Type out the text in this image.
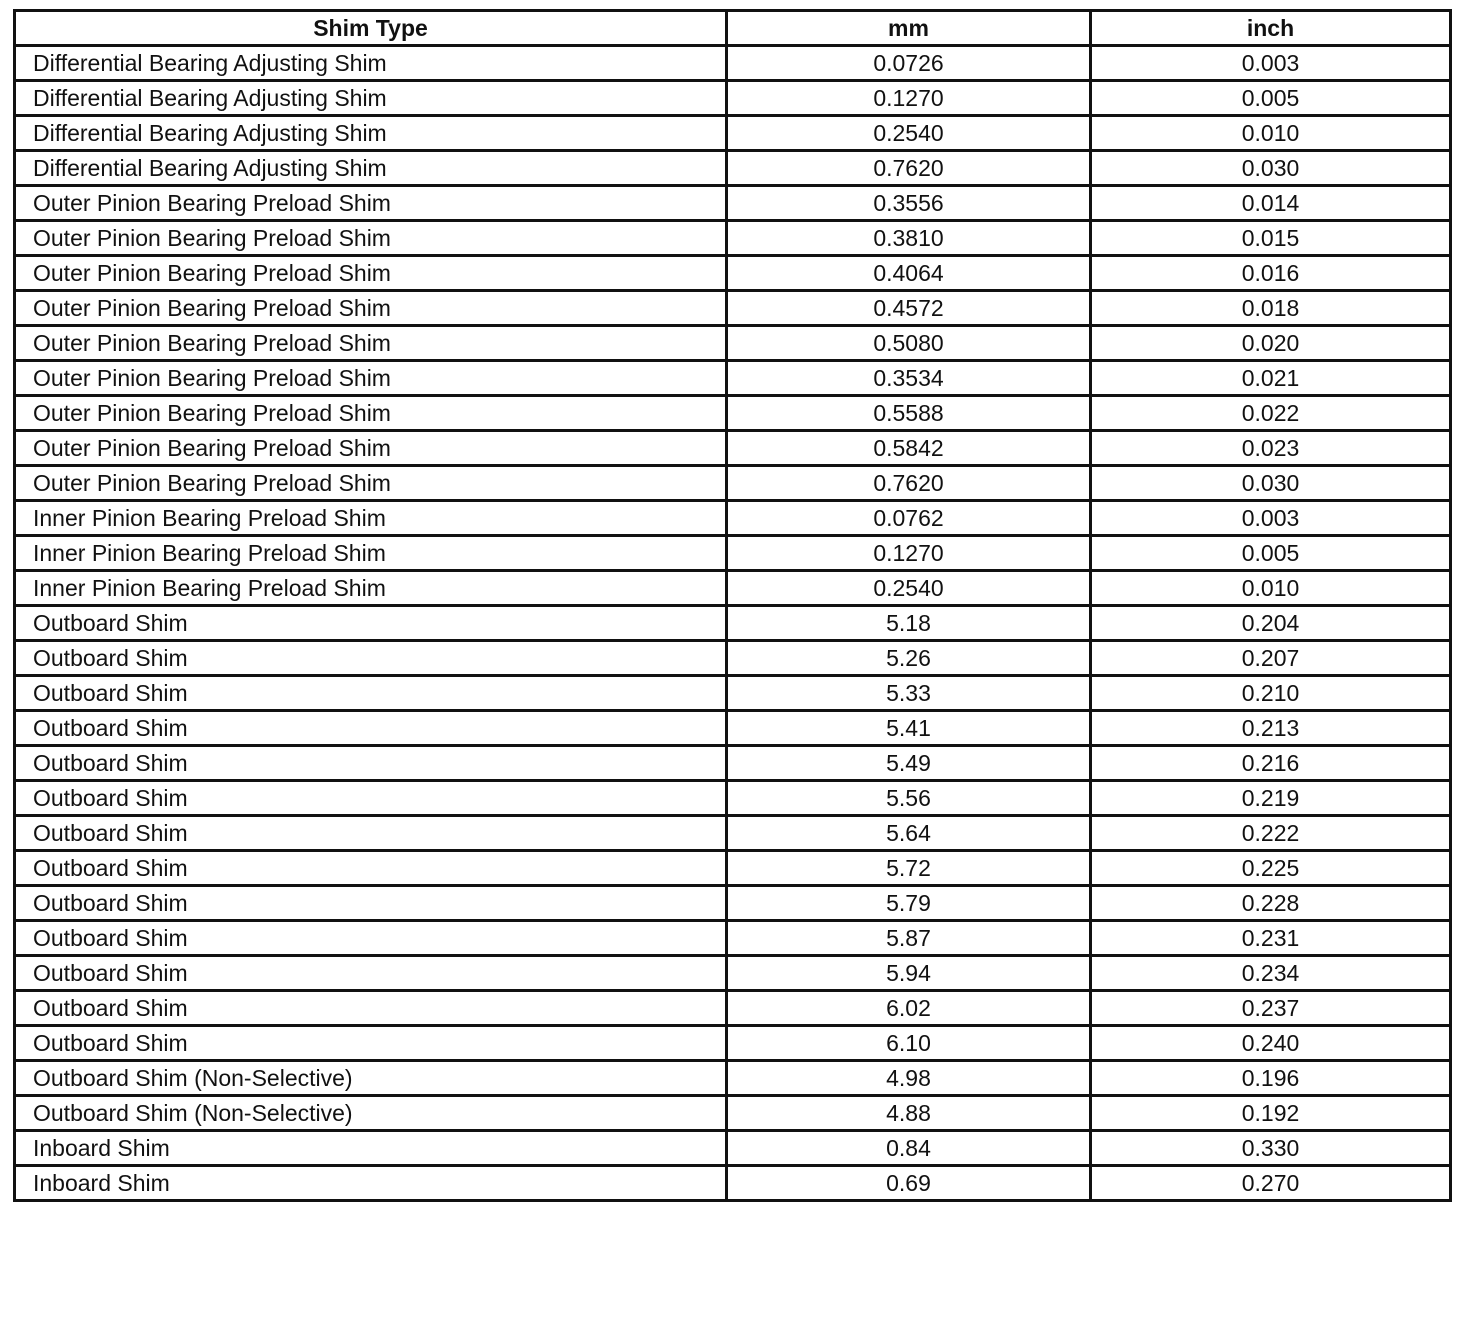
Shim Type	mm	inch
Differential Bearing Adjusting Shim	0.0726	0.003
Differential Bearing Adjusting Shim	0.1270	0.005
Differential Bearing Adjusting Shim	0.2540	0.010
Differential Bearing Adjusting Shim	0.7620	0.030
Outer Pinion Bearing Preload Shim	0.3556	0.014
Outer Pinion Bearing Preload Shim	0.3810	0.015
Outer Pinion Bearing Preload Shim	0.4064	0.016
Outer Pinion Bearing Preload Shim	0.4572	0.018
Outer Pinion Bearing Preload Shim	0.5080	0.020
Outer Pinion Bearing Preload Shim	0.3534	0.021
Outer Pinion Bearing Preload Shim	0.5588	0.022
Outer Pinion Bearing Preload Shim	0.5842	0.023
Outer Pinion Bearing Preload Shim	0.7620	0.030
Inner Pinion Bearing Preload Shim	0.0762	0.003
Inner Pinion Bearing Preload Shim	0.1270	0.005
Inner Pinion Bearing Preload Shim	0.2540	0.010
Outboard Shim	5.18	0.204
Outboard Shim	5.26	0.207
Outboard Shim	5.33	0.210
Outboard Shim	5.41	0.213
Outboard Shim	5.49	0.216
Outboard Shim	5.56	0.219
Outboard Shim	5.64	0.222
Outboard Shim	5.72	0.225
Outboard Shim	5.79	0.228
Outboard Shim	5.87	0.231
Outboard Shim	5.94	0.234
Outboard Shim	6.02	0.237
Outboard Shim	6.10	0.240
Outboard Shim (Non-Selective)	4.98	0.196
Outboard Shim (Non-Selective)	4.88	0.192
Inboard Shim	0.84	0.330
Inboard Shim	0.69	0.270
